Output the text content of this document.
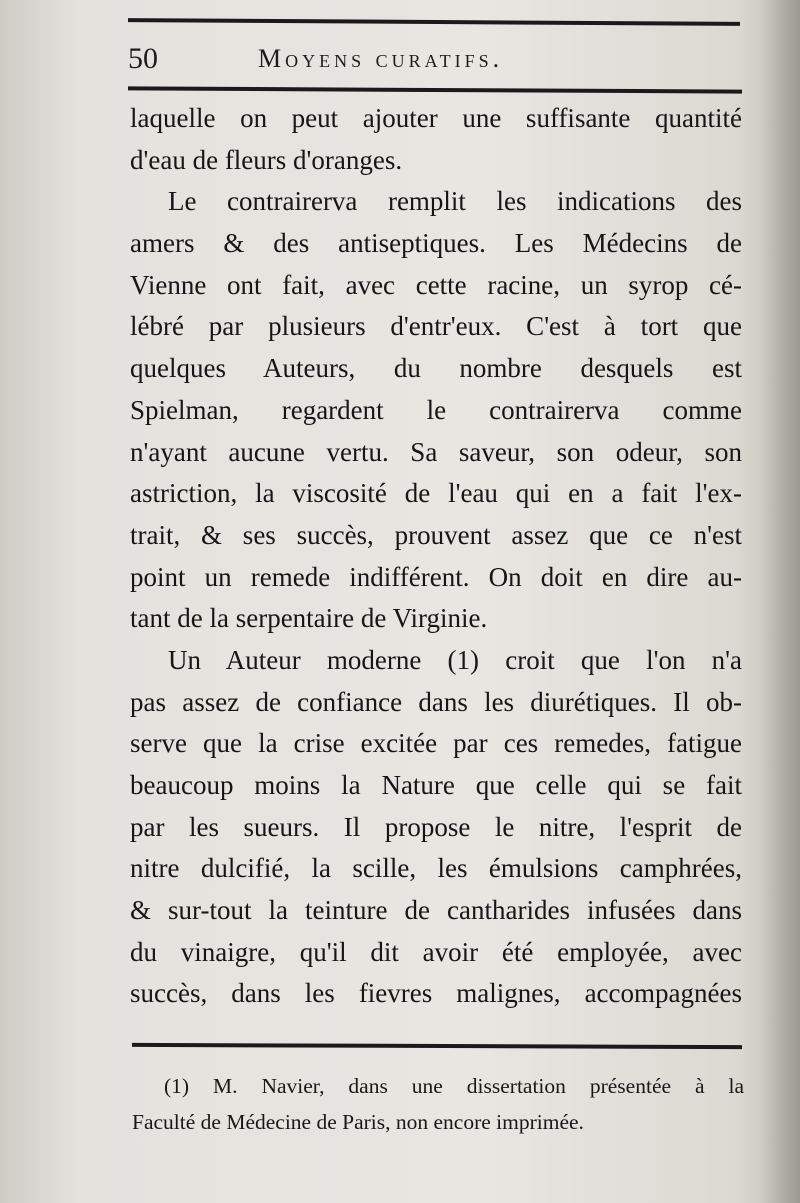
50	Moyens curatifs.
laquelle on peut ajouter une suffisante quantité
d'eau de fleurs d'oranges.
Le contrairerva remplit les indications des
amers & des antiseptiques. Les Médecins de
Vienne ont fait, avec cette racine, un syrop cé-
lébré par plusieurs d'entr'eux. C'est à tort que
quelques Auteurs, du nombre desquels est
Spielman, regardent le contrairerva comme
n'ayant aucune vertu. Sa saveur, son odeur, son
astriction, la viscosité de l'eau qui en a fait l'ex-
trait, & ses succès, prouvent assez que ce n'est
point un remede indifférent. On doit en dire au-
tant de la serpentaire de Virginie.
Un Auteur moderne (1) croit que l'on n'a
pas assez de confiance dans les diurétiques. Il ob-
serve que la crise excitée par ces remedes, fatigue
beaucoup moins la Nature que celle qui se fait
par les sueurs. Il propose le nitre, l'esprit de
nitre dulcifié, la scille, les émulsions camphrées,
& sur-tout la teinture de cantharides infusées dans
du vinaigre, qu'il dit avoir été employée, avec
succès, dans les fievres malignes, accompagnées
(1) M. Navier, dans une dissertation présentée à la
Faculté de Médecine de Paris, non encore imprimée.
